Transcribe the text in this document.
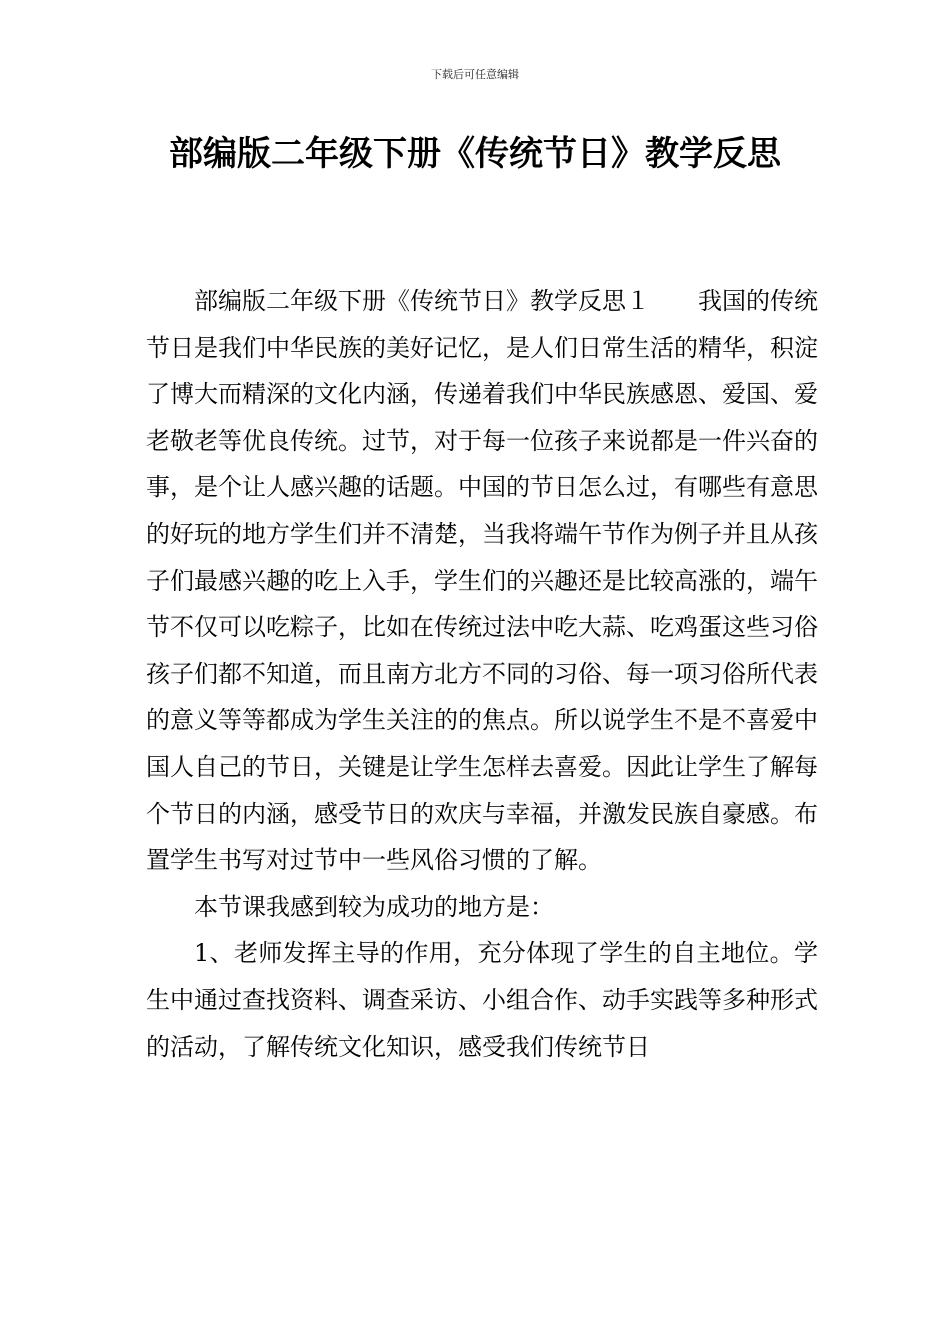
下载后可任意编辑
部编版二年级下册《传统节日》教学反思

部编版二年级下册《传统节日》教学反思１　　我国的传统节日是我们中华民族的美好记忆，是人们日常生活的精华，积淀了博大而精深的文化内涵，传递着我们中华民族感恩、爱国、爱老敬老等优良传统。过节，对于每一位孩子来说都是一件兴奋的事，是个让人感兴趣的话题。中国的节日怎么过，有哪些有意思的好玩的地方学生们并不清楚，当我将端午节作为例子并且从孩子们最感兴趣的吃上入手，学生们的兴趣还是比较高涨的，端午节不仅可以吃粽子，比如在传统过法中吃大蒜、吃鸡蛋这些习俗孩子们都不知道，而且南方北方不同的习俗、每一项习俗所代表的意义等等都成为学生关注的的焦点。所以说学生不是不喜爱中国人自己的节日，关键是让学生怎样去喜爱。因此让学生了解每个节日的内涵，感受节日的欢庆与幸福，并激发民族自豪感。布置学生书写对过节中一些风俗习惯的了解。

本节课我感到较为成功的地方是：

1、老师发挥主导的作用，充分体现了学生的自主地位。学生中通过查找资料、调查采访、小组合作、动手实践等多种形式的活动，了解传统文化知识，感受我们传统节日
